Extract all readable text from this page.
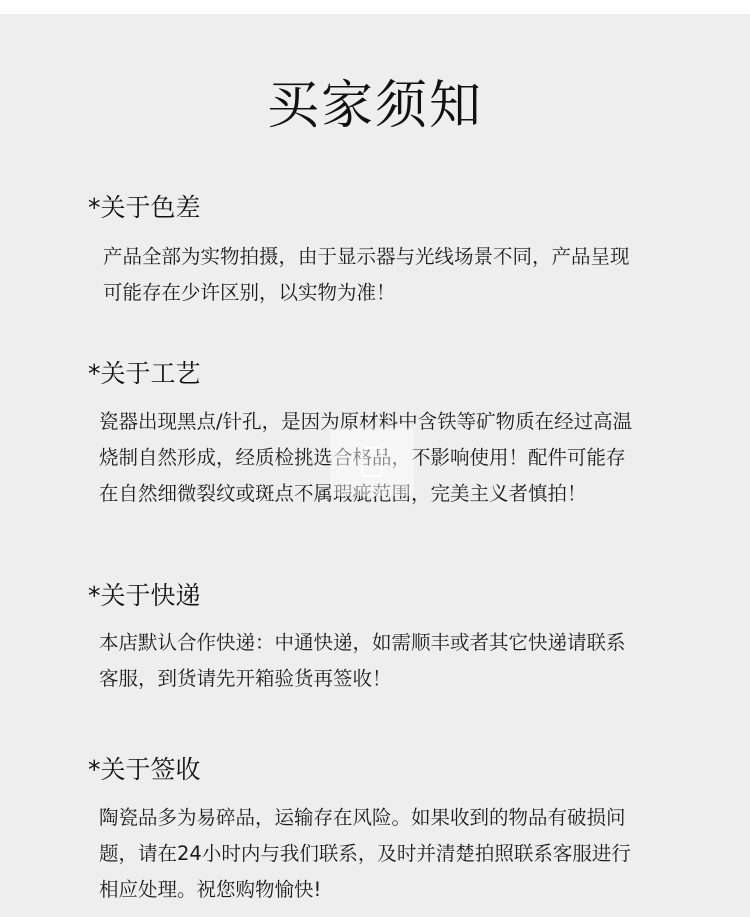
买家须知
*关于色差
产品全部为实物拍摄，由于显示器与光线场景不同，产品呈现
可能存在少许区别，以实物为准！
*关于工艺
瓷器出现黑点/针孔，是因为原材料中含铁等矿物质在经过高温
烧制自然形成，经质检挑选合格品，不影响使用！配件可能存
在自然细微裂纹或斑点不属瑕疵范围，完美主义者慎拍！
*关于快递
本店默认合作快递：中通快递，如需顺丰或者其它快递请联系
客服，到货请先开箱验货再签收！
*关于签收
陶瓷品多为易碎品，运输存在风险。如果收到的物品有破损问
题，请在24小时内与我们联系，及时并清楚拍照联系客服进行
相应处理。祝您购物愉快!
